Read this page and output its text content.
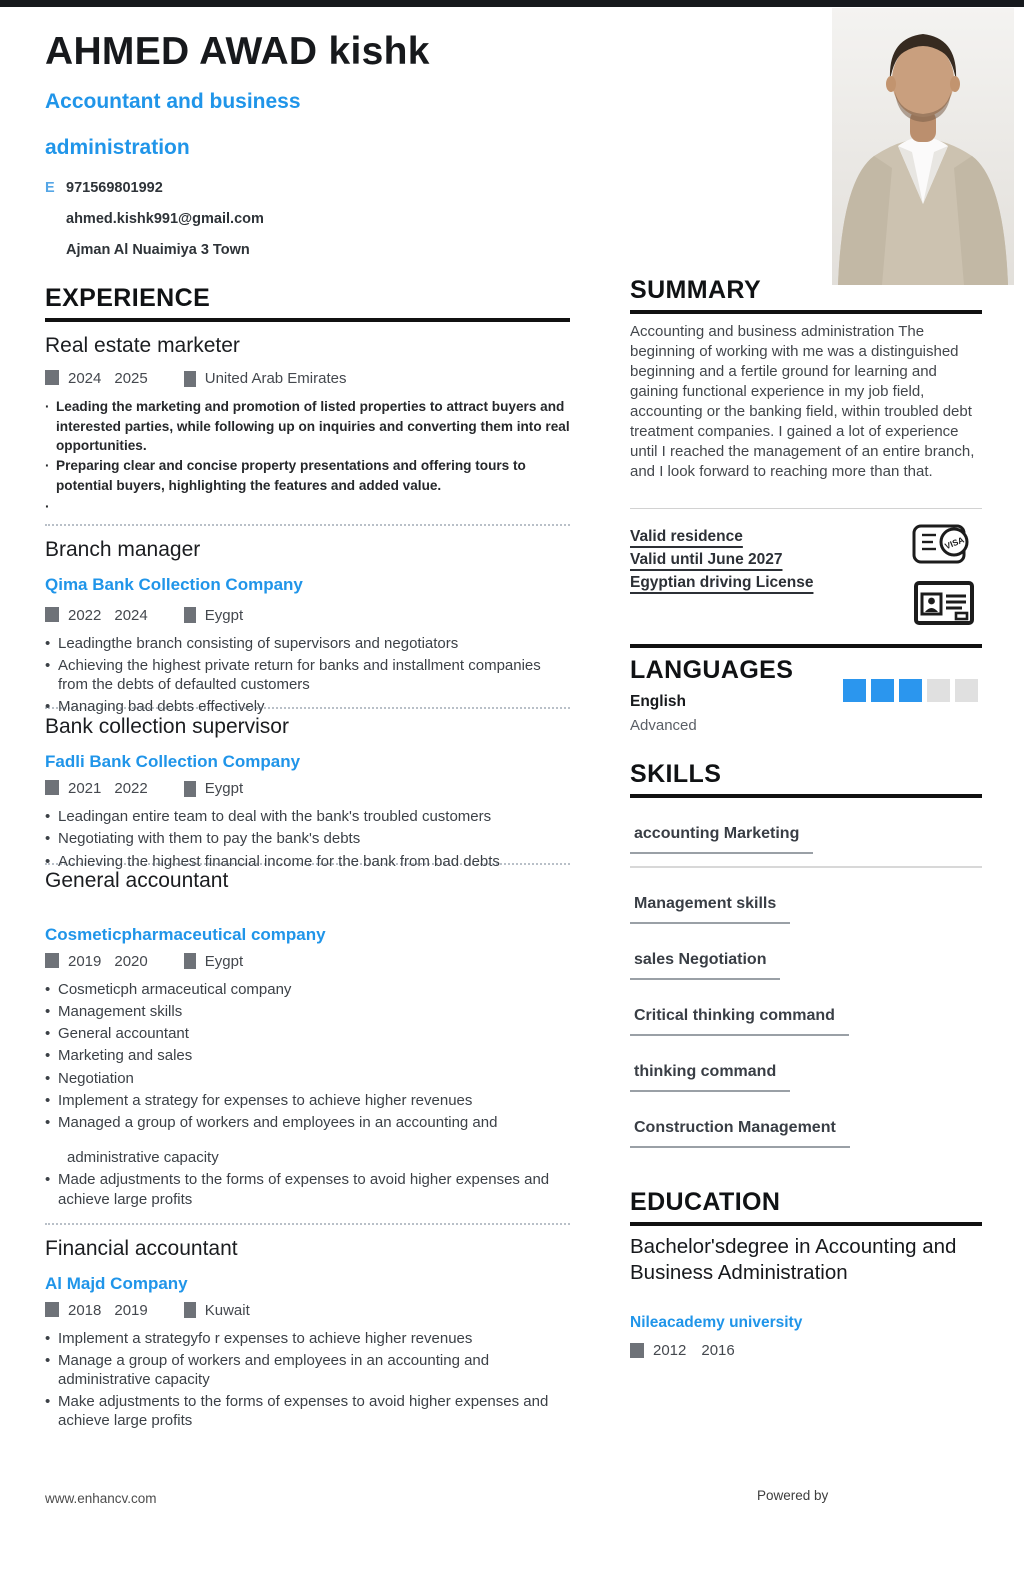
AHMED AWAD kishk
Accountant and business
administration
E 971569801992
ahmed.kishk991@gmail.com
Ajman Al Nuaimiya 3 Town
EXPERIENCE
Real estate marketer
2024 2025	United Arab Emirates
· Leading the marketing and promotion of listed properties to attract buyers and interested parties, while following up on inquiries and converting them into real opportunities.
· Preparing clear and concise property presentations and offering tours to potential buyers, highlighting the features and added value.
·
Branch manager
Qima Bank Collection Company
2022 2024	Eygpt
• Leadingthe branch consisting of supervisors and negotiators
• Achieving the highest private return for banks and installment companies from the debts of defaulted customers
• Managing bad debts effectively
Bank collection supervisor
Fadli Bank Collection Company
2021 2022	Eygpt
• Leadingan entire team to deal with the bank's troubled customers
• Negotiating with them to pay the bank's debts
• Achieving the highest financial income for the bank from bad debts
General accountant
Cosmeticpharmaceutical company
2019 2020	Eygpt
• Cosmeticph armaceutical company
• Management skills
• General accountant
• Marketing and sales
• Negotiation
• Implement a strategy for expenses to achieve higher revenues
• Managed a group of workers and employees in an accounting and
administrative capacity
• Made adjustments to the forms of expenses to avoid higher expenses and achieve large profits
Financial accountant
Al Majd Company
2018 2019	Kuwait
• Implement a strategyfo r expenses to achieve higher revenues
• Manage a group of workers and employees in an accounting and administrative capacity
• Make adjustments to the forms of expenses to avoid higher expenses and achieve large profits
SUMMARY

Accounting and business administration The beginning of working with me was a distinguished beginning and a fertile ground for learning and gaining functional experience in my job field, accounting or the banking field, within troubled debt treatment companies. I gained a lot of experience until I reached the management of an entire branch, and I look forward to reaching more than that.

Valid residence
Valid until June 2027
Egyptian driving License
VISA
LANGUAGES
English
Advanced
SKILLS
accounting Marketing
Management skills
sales Negotiation
Critical thinking command
thinking command
Construction Management
EDUCATION
Bachelor'sdegree in Accounting and Business Administration
Nileacademy university
2012 2016
www.enhancv.com	Powered by
